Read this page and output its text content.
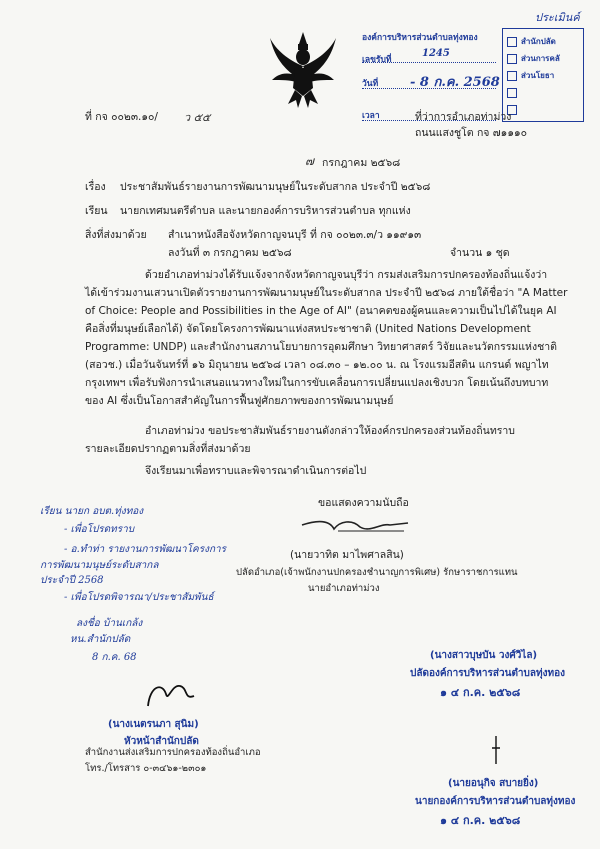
ประเมินค์
องค์การบริหารส่วนตำบลทุ่งทอง
เลขรับที่
1245
วันที่ - 8 ก.ค. 2568
เวลา
สำนักปลัด
ส่วนการคลั
ส่วนโยธา
ที่ กจ ๐๐๒๓.๑๐/ ว ๕๕	ที่ว่าการอำเภอท่าม่วง
ถนนแสงชูโต กจ ๗๑๑๑๐
๗ กรกฎาคม ๒๕๖๘
เรื่อง ประชาสัมพันธ์รายงานการพัฒนามนุษย์ในระดับสากล ประจำปี ๒๕๖๘
เรียน นายกเทศมนตรีตำบล และนายกองค์การบริหารส่วนตำบล ทุกแห่ง
สิ่งที่ส่งมาด้วย สำเนาหนังสือจังหวัดกาญจนบุรี ที่ กจ ๐๐๒๓.๓/ว ๑๑๙๑๓
ลงวันที่ ๓ กรกฎาคม ๒๕๖๘	จำนวน ๑ ชุด
ด้วยอำเภอท่าม่วงได้รับแจ้งจากจังหวัดกาญจนบุรีว่า กรมส่งเสริมการปกครองท้องถิ่นแจ้งว่า
ได้เข้าร่วมงานเสวนาเปิดตัวรายงานการพัฒนามนุษย์ในระดับสากล ประจำปี ๒๕๖๘ ภายใต้ชื่อว่า "A Matter
of Choice: People and Possibilities in the Age of AI" (อนาคตของผู้คนและความเป็นไปได้ในยุค AI
คือสิ่งที่มนุษย์เลือกได้) จัดโดยโครงการพัฒนาแห่งสหประชาชาติ (United Nations Development
Programme: UNDP) และสำนักงานสภานโยบายการอุดมศึกษา วิทยาศาสตร์ วิจัยและนวัตกรรมแห่งชาติ
(สอวช.) เมื่อวันจันทร์ที่ ๑๖ มิถุนายน ๒๕๖๘ เวลา ๐๘.๓๐ – ๑๒.๐๐ น. ณ โรงแรมอีสติน แกรนด์ พญาไท
กรุงเทพฯ เพื่อรับฟังการนำเสนอแนวทางใหม่ในการขับเคลื่อนการเปลี่ยนแปลงเชิงบวก โดยเน้นถึงบทบาท
ของ AI ซึ่งเป็นโอกาสสำคัญในการฟื้นฟูศักยภาพของการพัฒนามนุษย์
อำเภอท่าม่วง ขอประชาสัมพันธ์รายงานดังกล่าวให้องค์กรปกครองส่วนท้องถิ่นทราบ
รายละเอียดปรากฏตามสิ่งที่ส่งมาด้วย
จึงเรียนมาเพื่อทราบและพิจารณาดำเนินการต่อไป
ขอแสดงความนับถือ
(นายวาทิต มาไพศาลสิน)
ปลัดอำเภอ(เจ้าพนักงานปกครองชำนาญการพิเศษ) รักษาราชการแทน
นายอำเภอท่าม่วง
เรียน นายก อบต.ทุ่งทอง
- เพื่อโปรดทราบ
- อ.ทำท่า รายงานการพัฒนาโครงการ
การพัฒนามนุษย์ระดับสากล
ประจำปี 2568
- เพื่อโปรดพิจารณา/ประชาสัมพันธ์
ลงชื่อ บ้านเกล้ง
หน.สำนักปลัด
8 ก.ค. 68
(นางเนตรนภา สุนิม)
หัวหน้าสำนักปลัด
สำนักงานส่งเสริมการปกครองท้องถิ่นอำเภอ
โทร./โทรสาร ๐-๓๔๖๑-๒๓๐๑
(นางสาวบุษบัน วงศ์วิไล)
ปลัดองค์การบริหารส่วนตำบลทุ่งทอง
๑ ๔ ก.ค. ๒๕๖๘
(นายอนุกิจ สบายยิ่ง)
นายกองค์การบริหารส่วนตำบลทุ่งทอง
๑ ๔ ก.ค. ๒๕๖๘
